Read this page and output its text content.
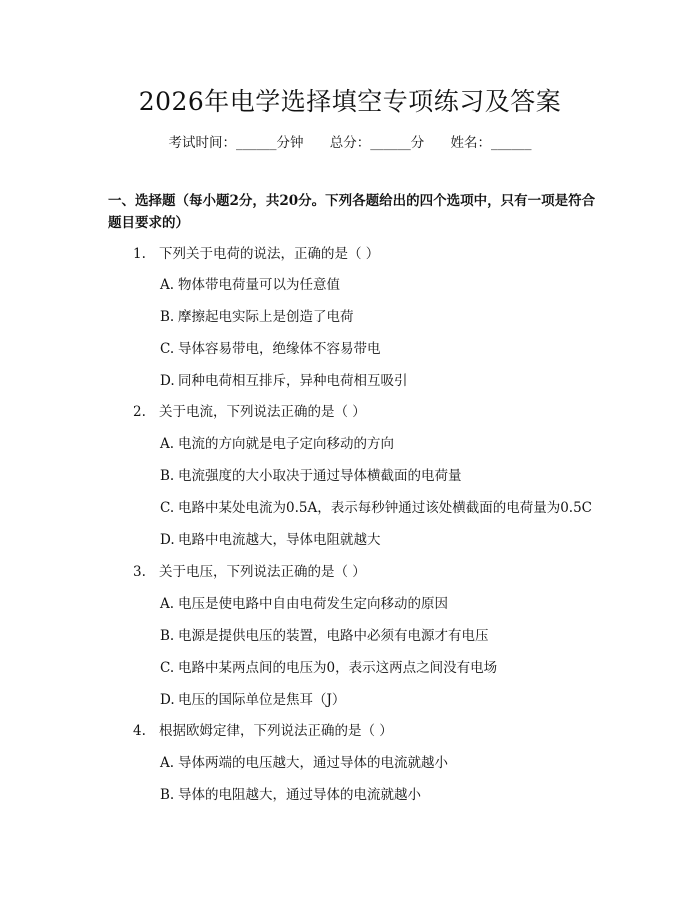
2026年电学选择填空专项练习及答案
考试时间：______分钟 总分：______分 姓名：______

一、选择题（每小题2分，共20分。下列各题给出的四个选项中，只有一项是符合题目要求的）

1. 下列关于电荷的说法，正确的是（ ）
A. 物体带电荷量可以为任意值
B. 摩擦起电实际上是创造了电荷
C. 导体容易带电，绝缘体不容易带电
D. 同种电荷相互排斥，异种电荷相互吸引
2. 关于电流，下列说法正确的是（ ）
A. 电流的方向就是电子定向移动的方向
B. 电流强度的大小取决于通过导体横截面的电荷量
C. 电路中某处电流为0.5A，表示每秒钟通过该处横截面的电荷量为0.5C
D. 电路中电流越大，导体电阻就越大
3. 关于电压，下列说法正确的是（ ）
A. 电压是使电路中自由电荷发生定向移动的原因
B. 电源是提供电压的装置，电路中必须有电源才有电压
C. 电路中某两点间的电压为0，表示这两点之间没有电场
D. 电压的国际单位是焦耳（J）
4. 根据欧姆定律，下列说法正确的是（ ）
A. 导体两端的电压越大，通过导体的电流就越小
B. 导体的电阻越大，通过导体的电流就越小
